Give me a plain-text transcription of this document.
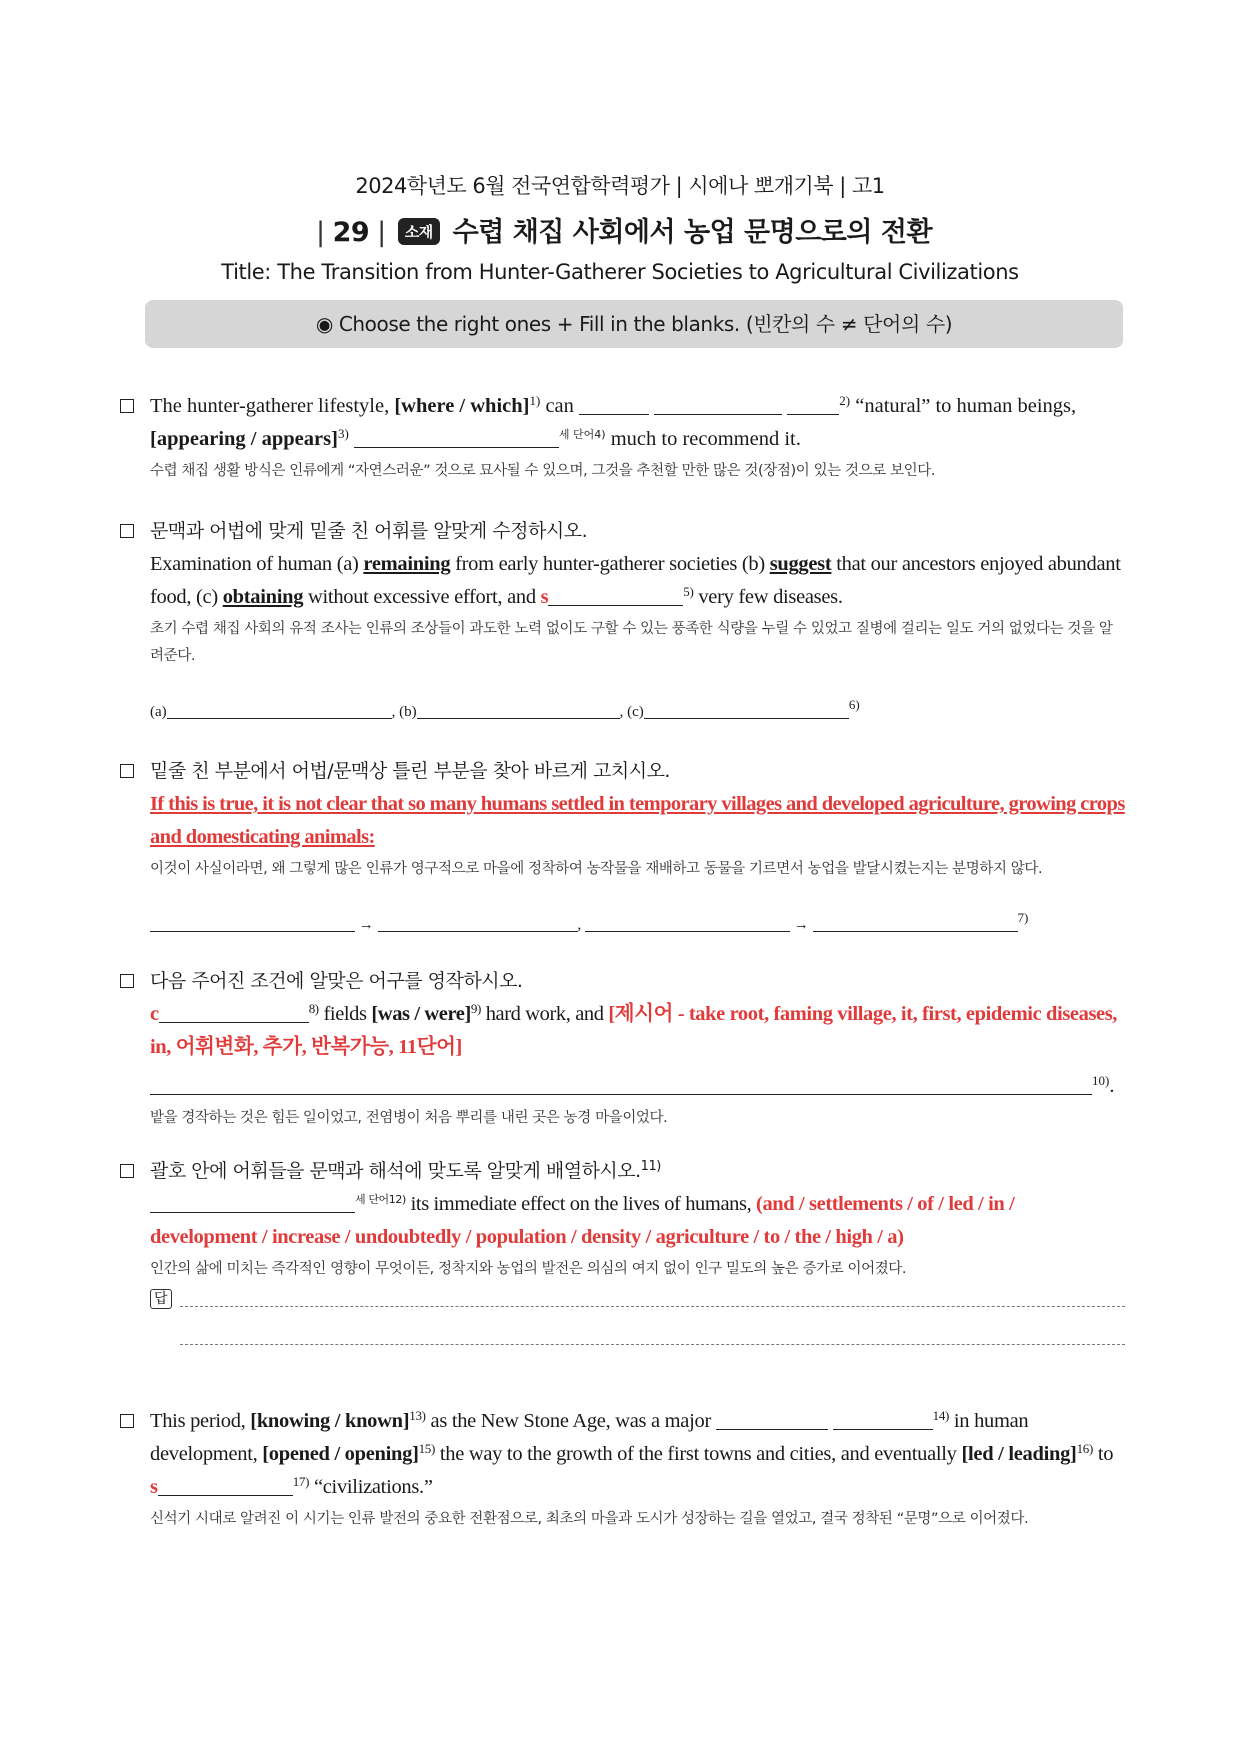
2024학년도 6월 전국연합학력평가 | 시에나 뽀개기북 | 고1
| 29 | 소재 수렵 채집 사회에서 농업 문명으로의 전환
Title: The Transition from Hunter-Gatherer Societies to Agricultural Civilizations
◉ Choose the right ones + Fill in the blanks. (빈칸의 수 ≠ 단어의 수)
The hunter-gatherer lifestyle, [where / which]$^{1)}$ can	$^{2)}$ “natural” to human beings,
[appearing / appears]$^{3)}$	$^{세 단어4)}$ much to recommend it.
수렵 채집 생활 방식은 인류에게 “자연스러운” 것으로 묘사될 수 있으며, 그것을 추천할 만한 많은 것(장점)이 있는 것으로 보인다.
문맥과 어법에 맞게 밑줄 친 어휘를 알맞게 수정하시오.
Examination of human (a) remaining from early hunter-gatherer societies (b) suggest that our ancestors enjoyed abundant food, (c) obtaining without excessive effort, and s	$^{5)}$ very few diseases.
초기 수렵 채집 사회의 유적 조사는 인류의 조상들이 과도한 노력 없이도 구할 수 있는 풍족한 식량을 누릴 수 있었고 질병에 걸리는 일도 거의 없었다는 것을 알려준다.
(a)	, (b)	, (c)	$^{6)}$
밑줄 친 부분에서 어법/문맥상 틀린 부분을 찾아 바르게 고치시오.
If this is true, it is not clear that so many humans settled in temporary villages and developed agriculture, growing crops and domesticating animals:
이것이 사실이라면, 왜 그렇게 많은 인류가 영구적으로 마을에 정착하여 농작물을 재배하고 동물을 기르면서 농업을 발달시켰는지는 분명하지 않다.
→	,	→	$^{7)}$
다음 주어진 조건에 알맞은 어구를 영작하시오.
c	$^{8)}$ fields [was / were]$^{9)}$ hard work, and [제시어 - take root, faming village, it, first, epidemic diseases, in, 어휘변화, 추가, 반복가능, 11단어]
$^{10)}$.
밭을 경작하는 것은 힘든 일이었고, 전염병이 처음 뿌리를 내린 곳은 농경 마을이었다.
괄호 안에 어휘들을 문맥과 해석에 맞도록 알맞게 배열하시오.$^{11)}$
$^{세 단어12)}$ its immediate effect on the lives of humans, (and / settlements / of / led / in / development / increase / undoubtedly / population / density / agriculture / to / the / high / a)
인간의 삶에 미치는 즉각적인 영향이 무엇이든, 정착지와 농업의 발전은 의심의 여지 없이 인구 밀도의 높은 증가로 이어졌다.
답
This period, [knowing / known]$^{13)}$ as the New Stone Age, was a major	$^{14)}$ in human development, [opened / opening]$^{15)}$ the way to the growth of the first towns and cities, and eventually [led / leading]$^{16)}$ to s	$^{17)}$ “civilizations.”
신석기 시대로 알려진 이 시기는 인류 발전의 중요한 전환점으로, 최초의 마을과 도시가 성장하는 길을 열었고, 결국 정착된 “문명”으로 이어졌다.
